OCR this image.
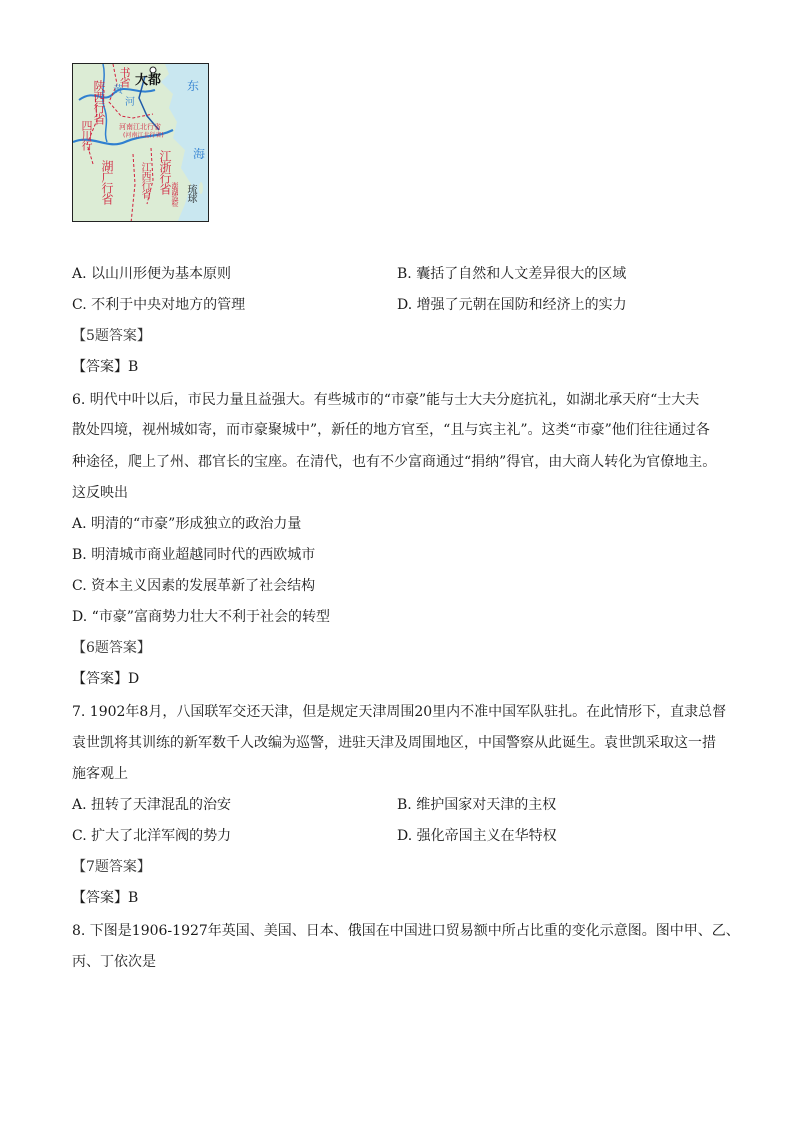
大都
书省
陕西行省
四川行	河南江北行省
(河南江北行省)
湖广行省	江西行省 江浙行省 澎湖巡检 琉球
东
海
黄
河
A. 以山川形便为基本原则	B. 囊括了自然和人文差异很大的区域
C. 不利于中央对地方的管理	D. 增强了元朝在国防和经济上的实力
【5题答案】
【答案】B
6. 明代中叶以后，市民力量且益强大。有些城市的“市豪”能与士大夫分庭抗礼，如湖北承天府“士大夫
散处四境，视州城如寄，而市豪聚城中”，新任的地方官至，“且与宾主礼”。这类“市豪”他们往往通过各
种途径，爬上了州、郡官长的宝座。在清代，也有不少富商通过“捐纳”得官，由大商人转化为官僚地主。
这反映出
A. 明清的“市豪”形成独立的政治力量
B. 明清城市商业超越同时代的西欧城市
C. 资本主义因素的发展革新了社会结构
D. “市豪”富商势力壮大不利于社会的转型
【6题答案】
【答案】D
7. 1902年8月，八国联军交还天津，但是规定天津周围20里内不准中国军队驻扎。在此情形下，直隶总督
袁世凯将其训练的新军数千人改编为巡警，进驻天津及周围地区，中国警察从此诞生。袁世凯采取这一措
施客观上
A. 扭转了天津混乱的治安	B. 维护国家对天津的主权
C. 扩大了北洋军阀的势力	D. 强化帝国主义在华特权
【7题答案】
【答案】B
8. 下图是1906-1927年英国、美国、日本、俄国在中国进口贸易额中所占比重的变化示意图。图中甲、乙、
丙、丁依次是
